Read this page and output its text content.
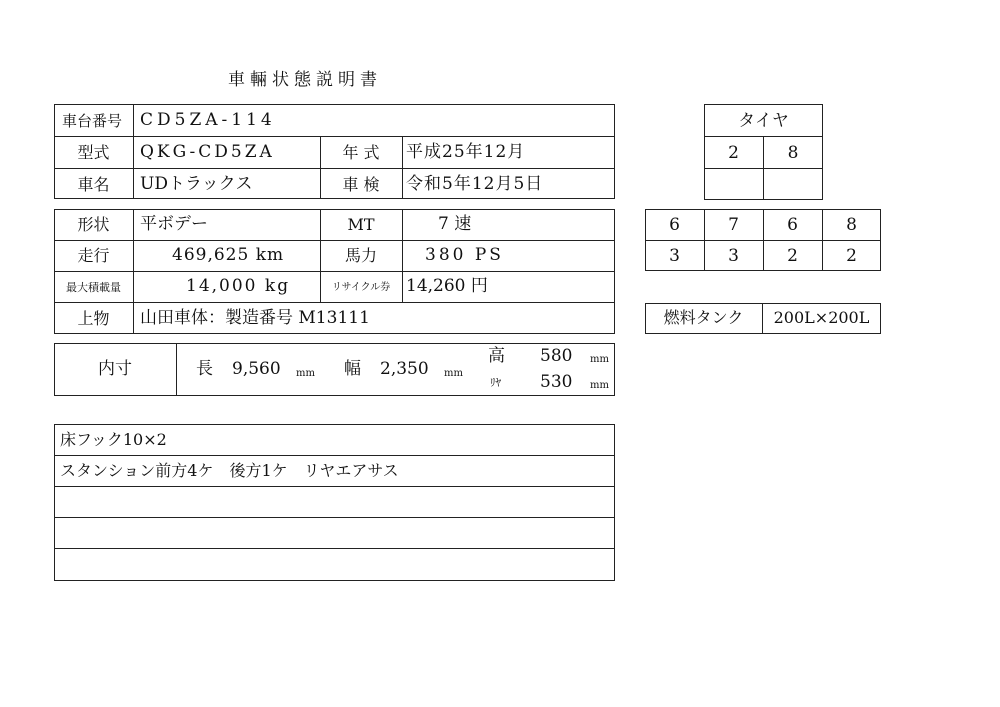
車輛状態説明書
車台番号 CD5ZA-114
型式	QKG-CD5ZA	年 式	平成25年12月
車名	UDトラックス	車 検	令和5年12月5日
形状	平ボデー	MT	7 速
走行	469,625 km	馬力	380 PS
最大積載量	14,000 kg	リサイクル券 14,260 円
上物	山田車体：製造番号 M13111
内寸	長 9,560 mm 幅 2,350 mm
高 580 mm
ﾘﾔ 530 mm
床フック10×2
スタンション前方4ケ　後方1ケ　リヤエアサス
タイヤ
2	8
6	7	6	8
3	3	2	2
燃料タンク	200L×200L
